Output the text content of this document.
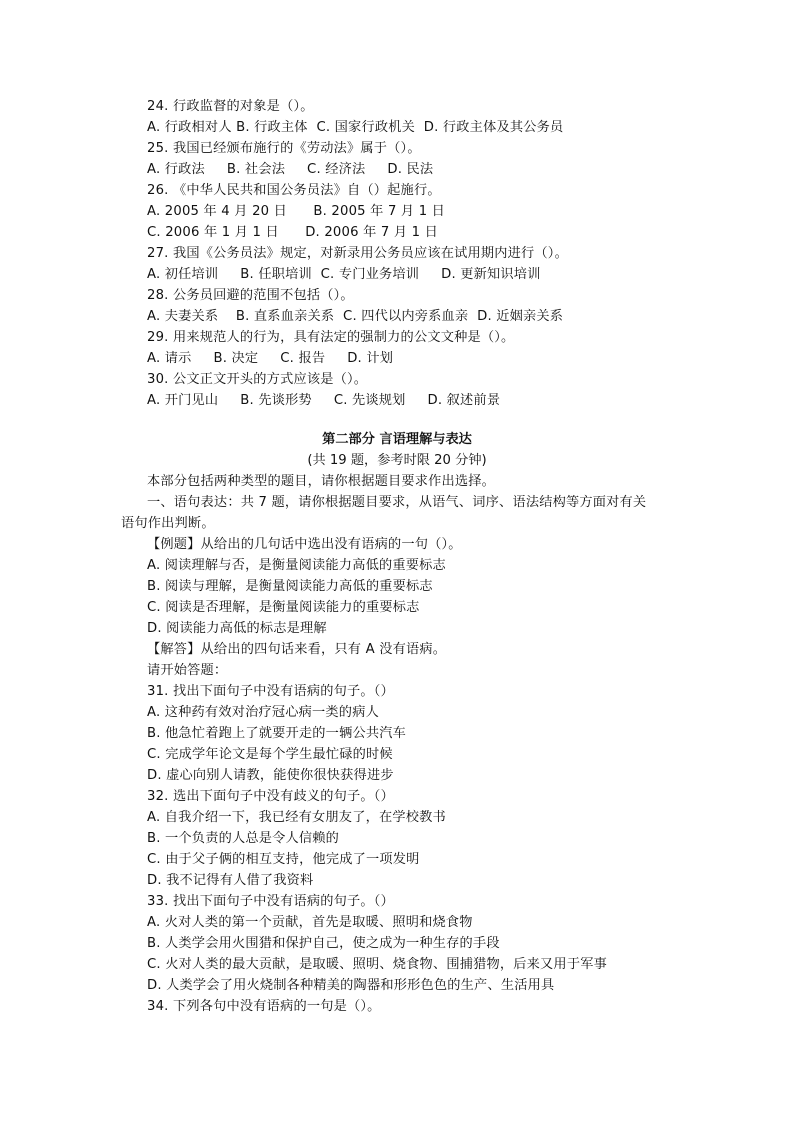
24. 行政监督的对象是（）。
A. 行政相对人 B. 行政主体  C. 国家行政机关  D. 行政主体及其公务员
25. 我国已经颁布施行的《劳动法》属于（）。
A. 行政法     B. 社会法     C. 经济法     D. 民法
26. 《中华人民共和国公务员法》自（）起施行。
A. 2005 年 4 月 20 日      B. 2005 年 7 月 1 日
C. 2006 年 1 月 1 日      D. 2006 年 7 月 1 日
27. 我国《公务员法》规定，对新录用公务员应该在试用期内进行（）。
A. 初任培训     B. 任职培训  C. 专门业务培训     D. 更新知识培训
28. 公务员回避的范围不包括（）。
A. 夫妻关系    B. 直系血亲关系  C. 四代以内旁系血亲  D. 近姻亲关系
29. 用来规范人的行为，具有法定的强制力的公文文种是（）。
A. 请示     B. 决定     C. 报告     D. 计划
30. 公文正文开头的方式应该是（）。
A. 开门见山     B. 先谈形势     C. 先谈规划     D. 叙述前景
第二部分 言语理解与表达
(共 19 题，参考时限 20 分钟)
本部分包括两种类型的题目，请你根据题目要求作出选择。
一、语句表达：共 7 题，请你根据题目要求，从语气、词序、语法结构等方面对有关
语句作出判断。
【例题】从给出的几句话中选出没有语病的一句（）。
A. 阅读理解与否，是衡量阅读能力高低的重要标志
B. 阅读与理解，是衡量阅读能力高低的重要标志
C. 阅读是否理解，是衡量阅读能力的重要标志
D. 阅读能力高低的标志是理解
【解答】从给出的四句话来看，只有 A 没有语病。
请开始答题：
31. 找出下面句子中没有语病的句子。（）
A. 这种药有效对治疗冠心病一类的病人
B. 他急忙着跑上了就要开走的一辆公共汽车
C. 完成学年论文是每个学生最忙碌的时候
D. 虚心向别人请教，能使你很快获得进步
32. 选出下面句子中没有歧义的句子。（）
A. 自我介绍一下，我已经有女朋友了，在学校教书
B. 一个负责的人总是令人信赖的
C. 由于父子俩的相互支持，他完成了一项发明
D. 我不记得有人借了我资料
33. 找出下面句子中没有语病的句子。（）
A. 火对人类的第一个贡献，首先是取暖、照明和烧食物
B. 人类学会用火围猎和保护自己，使之成为一种生存的手段
C. 火对人类的最大贡献，是取暖、照明、烧食物、围捕猎物，后来又用于军事
D. 人类学会了用火烧制各种精美的陶器和形形色色的生产、生活用具
34. 下列各句中没有语病的一句是（）。
